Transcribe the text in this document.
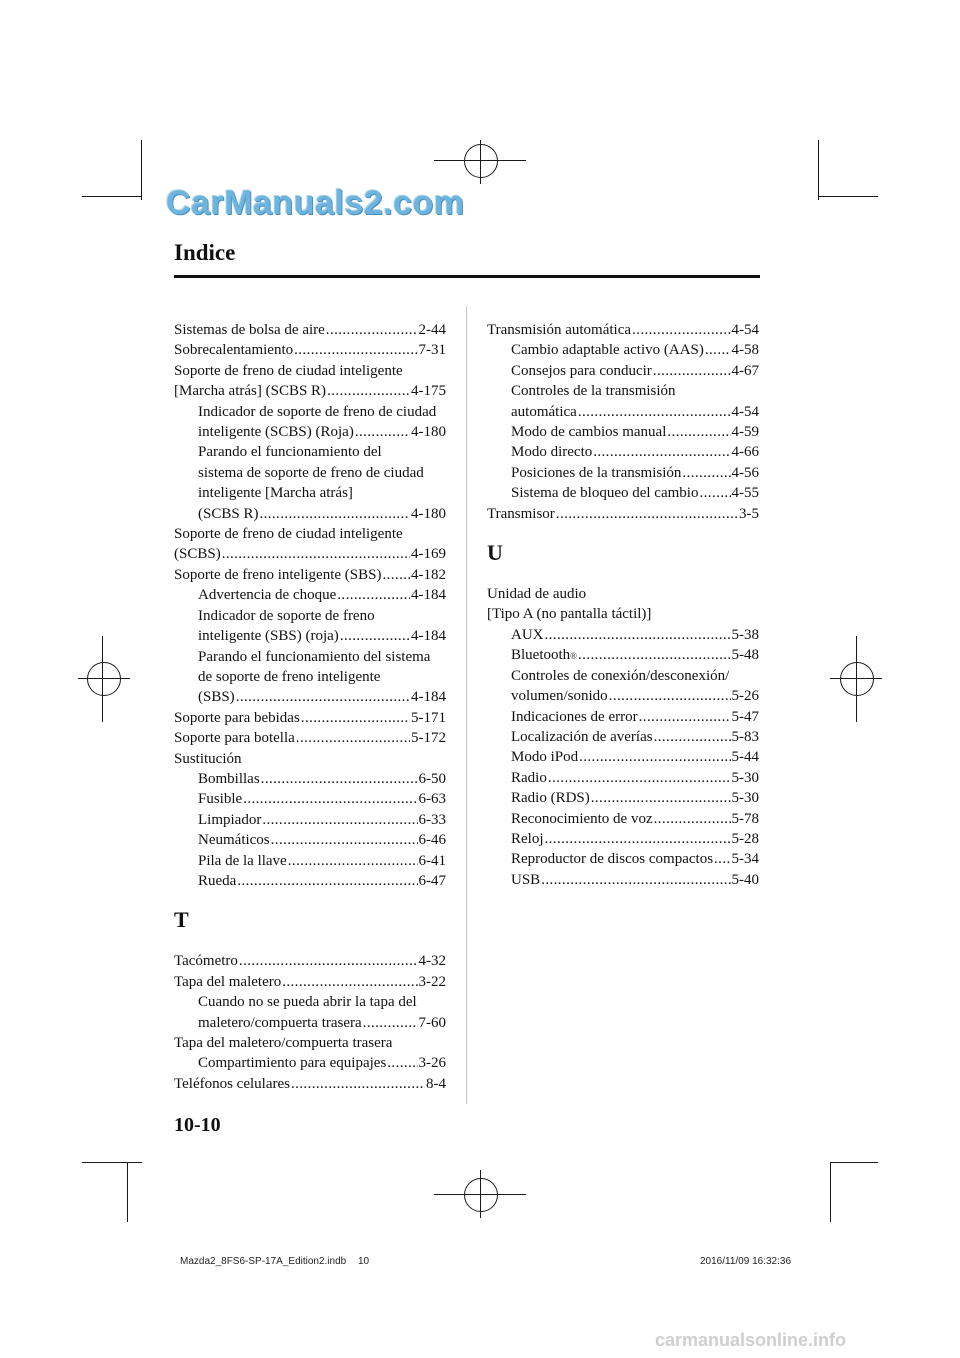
CarManuals2.com
Indice
Sistemas de bolsa de aire .....	2-44
Sobrecalentamiento .....	7-31
Soporte de freno de ciudad inteligente
[Marcha atrás] (SCBS R) .....	4-175
Indicador de soporte de freno de ciudad
inteligente (SCBS) (Roja) .....	4-180
Parando el funcionamiento del
sistema de soporte de freno de ciudad
inteligente [Marcha atrás]
(SCBS R) .....	4-180
Soporte de freno de ciudad inteligente
(SCBS) .....	4-169
Soporte de freno inteligente (SBS) ..... 4-182
Advertencia de choque .....	4-184
Indicador de soporte de freno
inteligente (SBS) (roja) .....	4-184
Parando el funcionamiento del sistema
de soporte de freno inteligente
(SBS) .....	4-184
Soporte para bebidas .....	5-171
Soporte para botella .....	5-172
Sustitución
Bombillas .....	6-50
Fusible .....	6-63
Limpiador .....	6-33
Neumáticos .....	6-46
Pila de la llave .....	6-41
Rueda .....	6-47
T
Tacómetro .....	4-32
Tapa del maletero .....	3-22
Cuando no se pueda abrir la tapa del
maletero/compuerta trasera .....	7-60
Tapa del maletero/compuerta trasera
Compartimiento para equipajes ..... 3-26
Teléfonos celulares .....	8-4
Transmisión automática .....	4-54
Cambio adaptable activo (AAS) ..... 4-58
Consejos para conducir .....	4-67
Controles de la transmisión
automática .....	4-54
Modo de cambios manual .....	4-59
Modo directo .....	4-66
Posiciones de la transmisión .....	4-56
Sistema de bloqueo del cambio ..... 4-55
Transmisor .....	3-5
U
Unidad de audio
[Tipo A (no pantalla táctil)]
AUX .....	5-38
Bluetooth ® .....	5-48
Controles de conexión/desconexión/
volumen/sonido .....	5-26
Indicaciones de error .....	5-47
Localización de averías .....	5-83
Modo iPod .....	5-44
Radio .....	5-30
Radio (RDS) .....	5-30
Reconocimiento de voz .....	5-78
Reloj .....	5-28
Reproductor de discos compactos ..... 5-34
USB .....	5-40
10-10
Mazda2_8FS6-SP-17A_Edition2.indb 10	2016/11/09 16:32:36
carmanualsonline.info
